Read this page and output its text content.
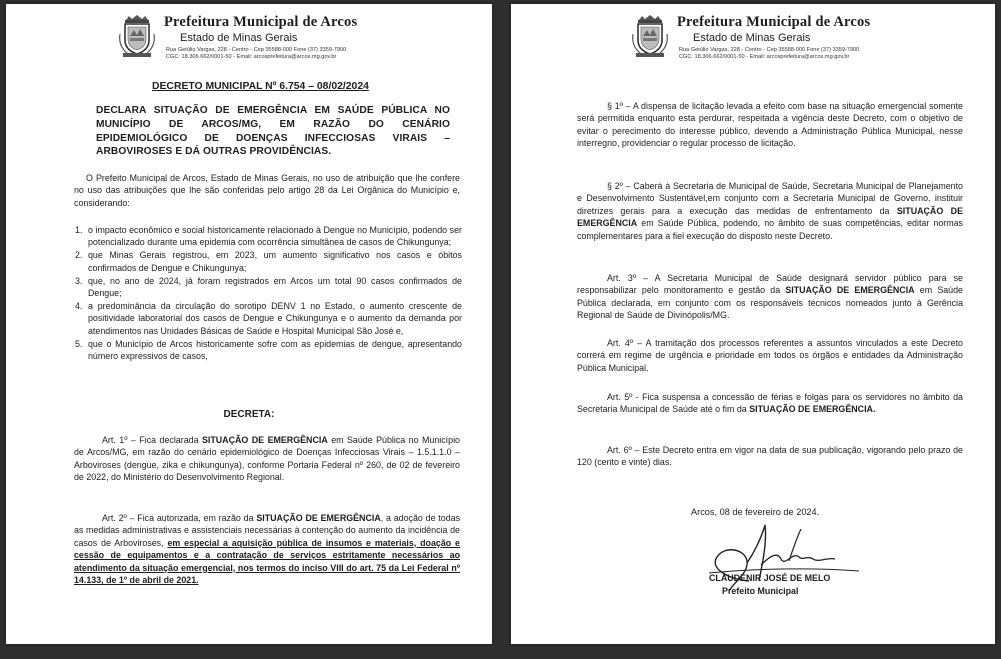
Prefeitura Municipal de Arcos
Estado de Minas Gerais
Rua Getúlio Vargas, 228 - Centro - Cep 35588-000 Fone (37) 3359-7900
CGC: 18.306.662/0001-50 - Email: arcosprefeitura@arcos.mg.gov.br
DECRETO MUNICIPAL Nº 6.754 – 08/02/2024
DECLARA SITUAÇÃO DE EMERGÊNCIA EM SAÚDE PÚBLICA NO MUNICÍPIO DE ARCOS/MG, EM RAZÃO DO CENÁRIO EPIDEMIOLÓGICO DE DOENÇAS INFECCIOSAS VIRAIS – ARBOVIROSES E DÁ OUTRAS PROVIDÊNCIAS.
O Prefeito Municipal de Arcos, Estado de Minas Gerais, no uso de atribuição que lhe confere no uso das atribuições que lhe são conferidas pelo artigo 28 da Lei Orgânica do Município e, considerando:
1. o impacto econômico e social historicamente relacionado à Dengue no Município, podendo ser potencializado durante uma epidemia com ocorrência simultânea de casos de Chikungunya;
2. que Minas Gerais registrou, em 2023, um aumento significativo nos casos e óbitos confirmados de Dengue e Chikungunya;
3. que, no ano de 2024, já foram registrados em Arcos um total 90 casos confirmados de Dengue;
4. a predominância da circulação do sorotipo DENV 1 no Estado, o aumento crescente de positividade laboratorial dos casos de Dengue e Chikungunya e o aumento da demanda por atendimentos nas Unidades Básicas de Saúde e Hospital Municipal São José e,
5. que o Município de Arcos historicamente sofre com as epidemias de dengue, apresentando número expressivos de casos,
DECRETA:
Art. 1º – Fica declarada SITUAÇÃO DE EMERGÊNCIA em Saúde Pública no Município de Arcos/MG, em razão do cenário epidemiológico de Doenças Infecciosas Virais – 1.5.1.1.0 – Arboviroses (dengue, zika e chikungunya), conforme Portaria Federal nº 260, de 02 de fevereiro de 2022, do Ministério do Desenvolvimento Regional.
Art. 2º – Fica autorizada, em razão da SITUAÇÃO DE EMERGÊNCIA, a adoção de todas as medidas administrativas e assistenciais necessárias à contenção do aumento da incidência de casos de Arboviroses, em especial a aquisição pública de insumos e materiais, doação e cessão de equipamentos e a contratação de serviços estritamente necessários ao atendimento da situação emergencial, nos termos do inciso VIII do art. 75 da Lei Federal nº 14.133, de 1º de abril de 2021.
Prefeitura Municipal de Arcos
Estado de Minas Gerais
Rua Getúlio Vargas, 228 - Centro - Cep 35588-000 Fone (37) 3359-7900
CGC: 18.306.662/0001-50 - Email: arcosprefeitura@arcos.mg.gov.br
§ 1º – A dispensa de licitação levada a efeito com base na situação emergencial somente será permitida enquanto esta perdurar, respeitada a vigência deste Decreto, com o objetivo de evitar o perecimento do interesse público, devendo a Administração Pública Municipal, nesse interregno, providenciar o regular processo de licitação.
§ 2º – Caberá à Secretaria de Municipal de Saúde, Secretaria Municipal de Planejamento e Desenvolvimento Sustentável,em conjunto com a Secretaria Municipal de Governo, instituir diretrizes gerais para a execução das medidas de enfrentamento da SITUAÇÃO DE EMERGÊNCIA em Saúde Pública, podendo, no âmbito de suas competências, editar normas complementares para a fiel execução do disposto neste Decreto.
Art. 3º – A Secretaria Municipal de Saúde designará servidor público para se responsabilizar pelo monitoramento e gestão da SITUAÇÃO DE EMERGÊNCIA em Saúde Pública declarada, em conjunto com os responsáveis técnicos nomeados junto à Gerência Regional de Saúde de Divinópolis/MG.
Art. 4º – A tramitação dos processos referentes a assuntos vinculados a este Decreto correrá em regime de urgência e prioridade em todos os órgãos e entidades da Administração Pública Municipal.
Art. 5º - Fica suspensa a concessão de férias e folgas para os servidores no âmbito da Secretaria Municipal de Saúde até o fim da SITUAÇÃO DE EMERGÊNCIA.
Art. 6º – Este Decreto entra em vigor na data de sua publicação, vigorando pelo prazo de 120 (cento e vinte) dias.
Arcos, 08 de fevereiro de 2024.
CLAUDENIR JOSÉ DE MELO
Prefeito Municipal
